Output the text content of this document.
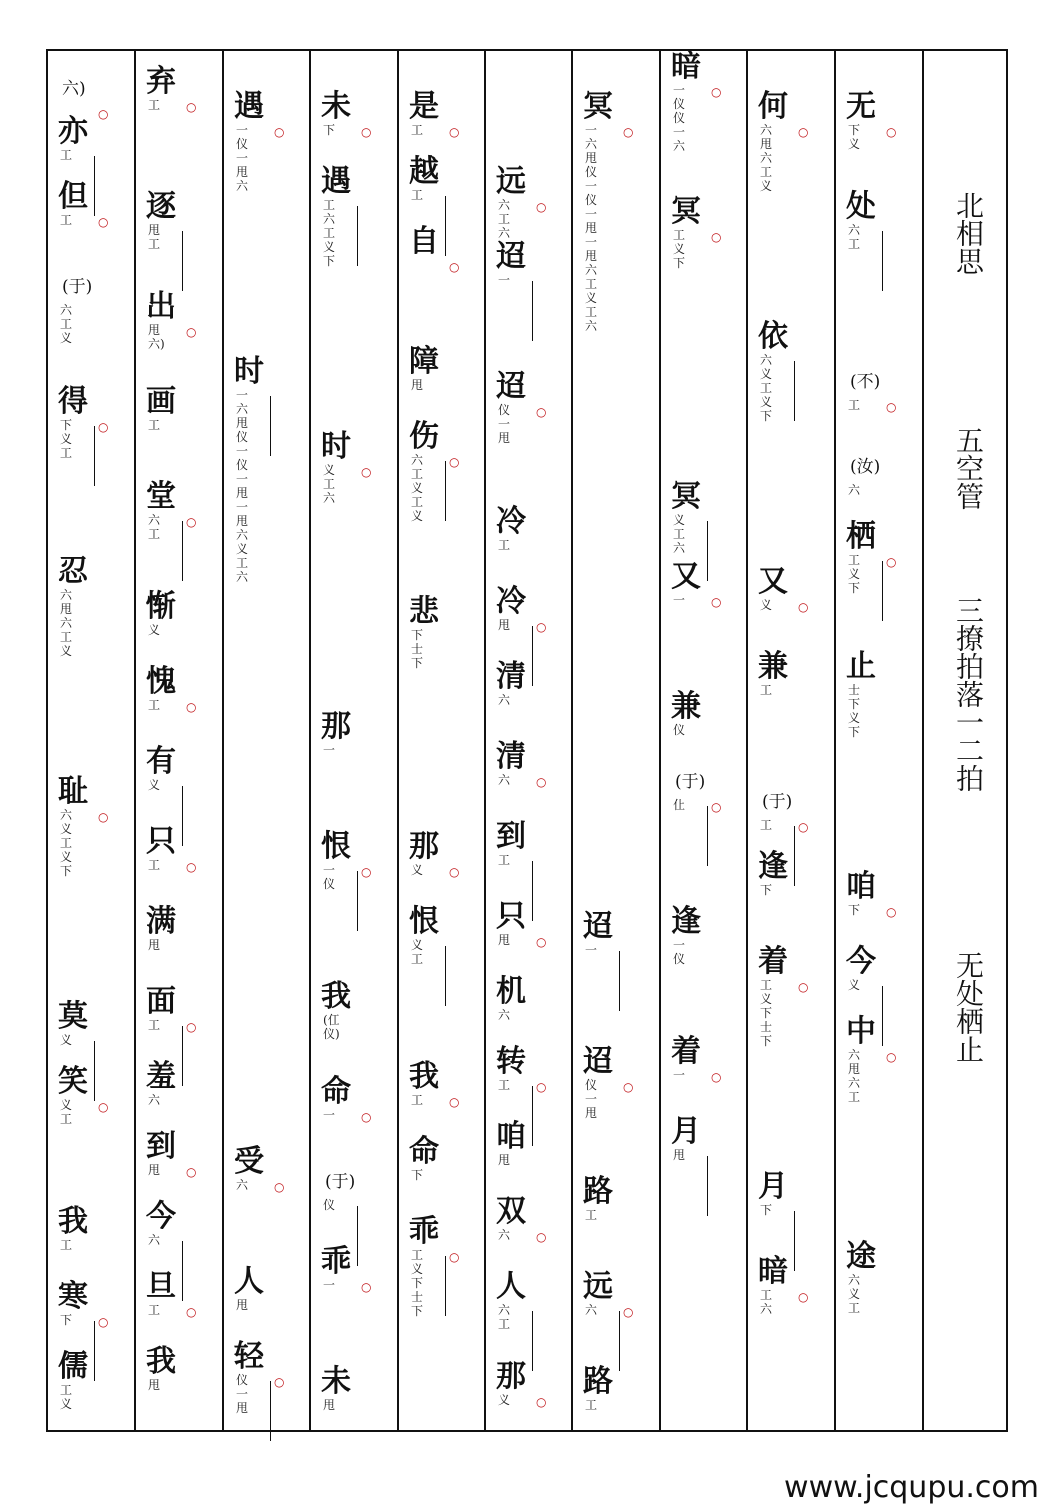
北相思
五空管
三撩拍落一二拍
无处栖止
无
下义
○
处
六工
(不)
工 ○
(汝)
六
栖
工义下
○
止
士下义下
咱
下 ○
今
义
中
六甩六工
○
途
六义工
何
六甩六工义
○
依
六义工义下
又
义 ○
兼
工
(于)
工 ○
逢
下
着
工义下士下
○
月
下
暗
工六
○
冥
工义下
○
冥
义工六
又
一 ○
兼
仪
(于)
仩 ○
逢
一仪
着
一 ○
月
甩
暗
一仪仪一六
○
冥
一六甩仪一仪一甩一甩六工义工六
○
迢
一
迢
仪一甩
○
路
工
远
六 ○
路
工
远
六工六
○
迢
一
迢
仪一甩
○
冷
工
冷
甩 ○
清
六
清
六 ○
到
工
只
甩 ○
机
六
转
工 ○
咱
甩
双
六 ○
人
六工
那
义 ○
是
工 ○
越
工
自
○
障
甩
伤
六工义工义
○
悲
下士下
那
义 ○
恨
义工
我
工 ○
命
下
乖
工义下士下
○
未
下 ○
遇
工六工义下
时
义工六
○
那
一
恨
一仪
○
我
(仜仪)
命
一 ○
(于)
仪
乖
一 ○
未
甩
遇
一仪一甩六
○
时
一六甩仪一仪一甩一甩六义工六
受
六 ○
人
甩
轻
仪一甩
○
弃
工 ○
逐
甩工
出
甩六)
○
画
工
堂
六工
○
惭
义
愧
工 ○
有
义
只
工 ○
满
甩
面
工 ○
羞
六
到
甩 ○
今
六
旦
工 ○
我
甩
六)
○
亦
工
但
工 ○
(于)
六工义
得
下义工
○
忍
六甩六工义
耻
六义工义下
○
莫
义
笑
义工
○
我
工
寒
下 ○
儒
工义
www.jcqupu.com
